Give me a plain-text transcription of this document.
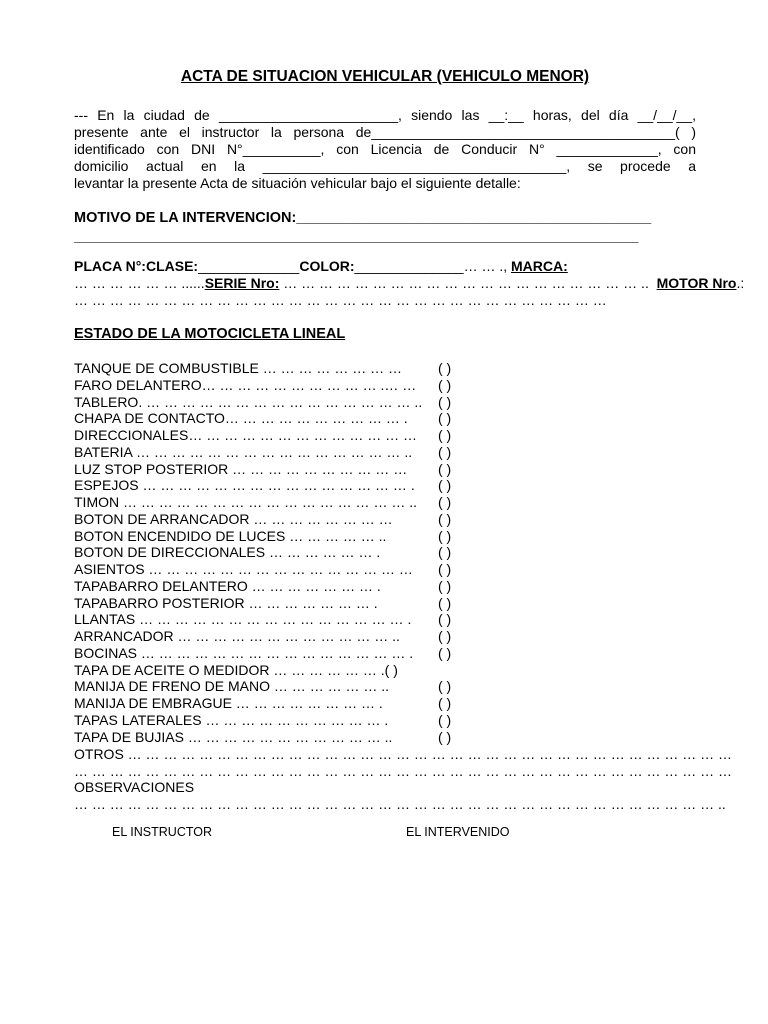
ACTA DE SITUACION VEHICULAR (VEHICULO MENOR)
--- En la ciudad de _______________________, siendo las __:__ horas, del día __/__/__,
presente ante el instructor la persona de_______________________________________( )
identificado con DNI N°__________, con Licencia de Conducir N° _____________, con
domicilio actual en la _______________________________________, se procede a
levantar la presente Acta de situación vehicular bajo el siguiente detalle:
MOTIVO DE LA INTERVENCION:____________________________________________
______________________________________________________________________
PLACA N°:CLASE:_____________COLOR:______________… … ., MARCA:
… … … … … … ......SERIE Nro: … … … … … … … … … … … … … … … … … … … … .. MOTOR Nro.:
… … … … … … … … … … … … … … … … … … … … … … … … … … … … … …
ESTADO DE LA MOTOCICLETA LINEAL
TANQUE DE COMBUSTIBLE … … … … … … … …	( )
FARO DELANTERO… … … … … … … … … … .… … ( )
TABLERO. … … … … … … … … … … … … … … … .. ( )
CHAPA DE CONTACTO… … … … … … … … … … . ( )
DIRECCIONALES… … … … … … … … … … … … … ( )
BATERIA … … … … … … … … … … … … … … … .. ( )
LUZ STOP POSTERIOR … … … … … … … … … … ( )
ESPEJOS … … … … … … … … … … … … … … … . ( )
TIMON … … … … … … … … … … … … … … … … .. ( )
BOTON DE ARRANCADOR … … … … … … … …	( )
BOTON ENCENDIDO DE LUCES … … … … … ..	( )
BOTON DE DIRECCIONALES … … … … … … .	( )
ASIENTOS … … … … … … … … … … … … … … … ( )
TAPABARRO DELANTERO … … … … … … … .	( )
TAPABARRO POSTERIOR … … … … … … … .	( )
LLANTAS … … … … … … … … … … … … … … … . ( )
ARRANCADOR … … … … … … … … … … … … ..	( )
BOCINAS … … … … … … … … … … … … … … … . ( )
TAPA DE ACEITE O MEDIDOR … … … … … … .( )
MANIJA DE FRENO DE MANO … … … … … … ..	( )
MANIJA DE EMBRAGUE … … … … … … … … .	( )
TAPAS LATERALES … … … … … … … … … … .	( )
TAPA DE BUJIAS … … … … … … … … … … … ..	( )
OTROS … … … … … … … … … … … … … … … … … … … … … … … … … … … … … … … … … …
… … … … … … … … … … … … … … … … … … … … … … … … … … … … … … … … … … … … …
OBSERVACIONES
… … … … … … … … … … … … … … … … … … … … … … … … … … … … … … … … … … … … ..
EL INSTRUCTOR	EL INTERVENIDO
